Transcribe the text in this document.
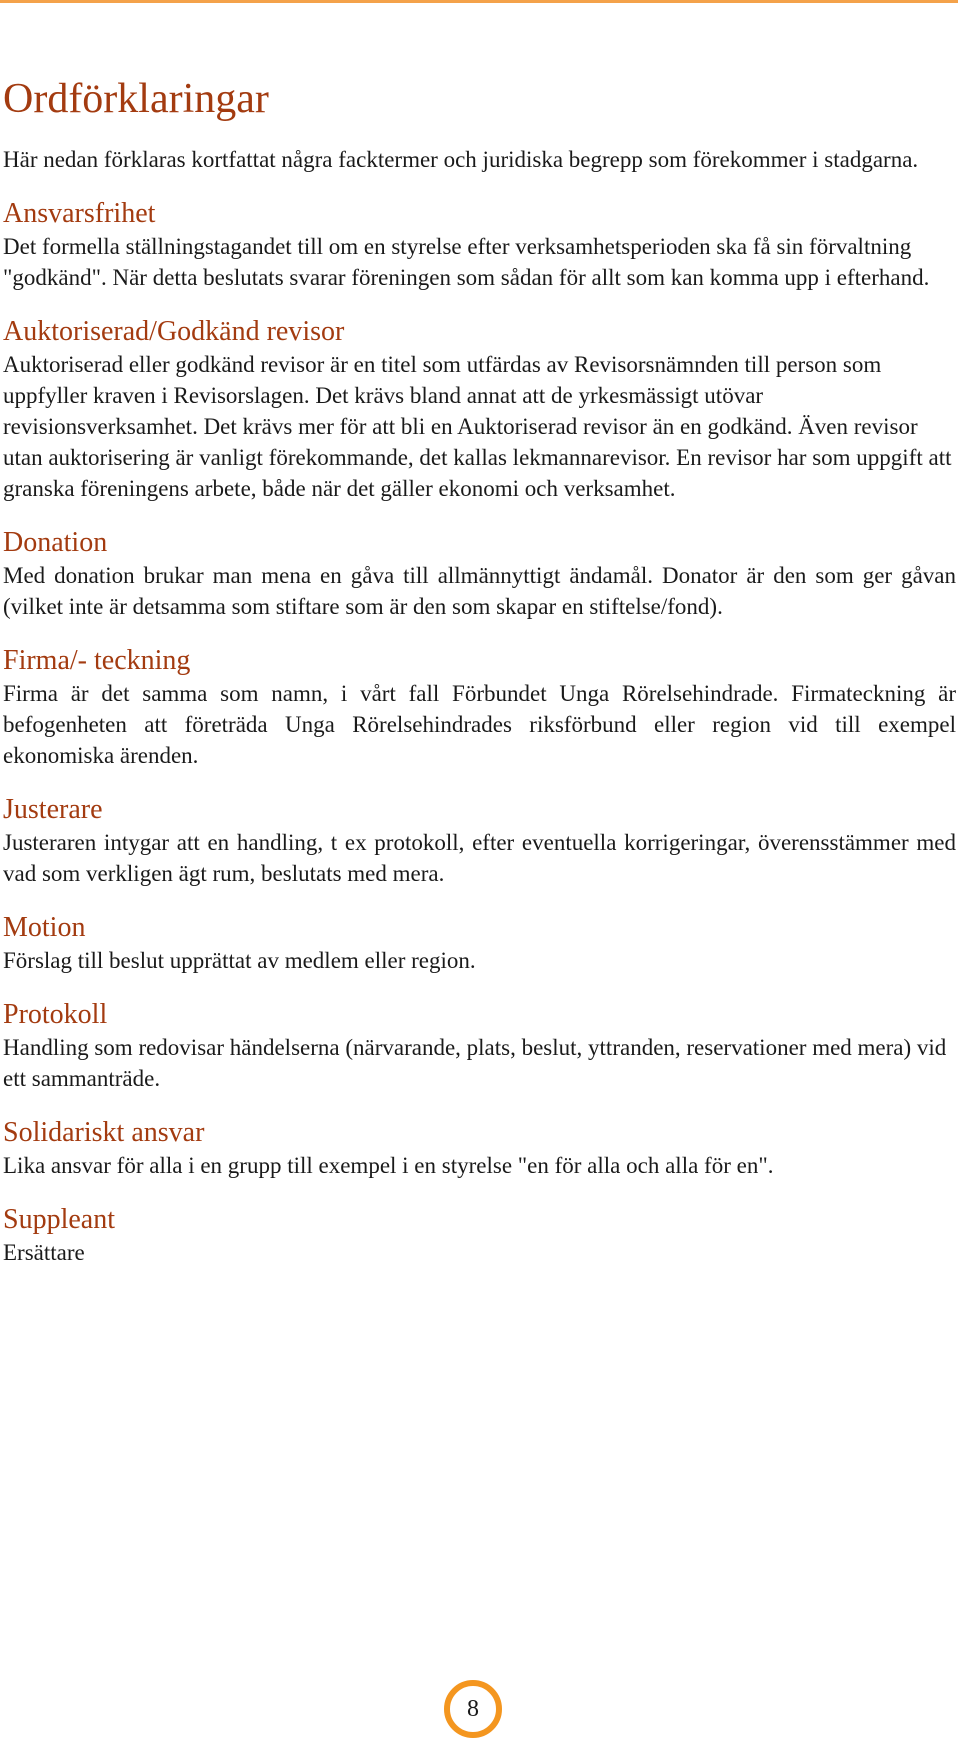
Ordförklaringar

Här nedan förklaras kortfattat några facktermer och juridiska begrepp som förekommer i stadgarna.

Ansvarsfrihet

Det formella ställningstagandet till om en styrelse efter verksamhetsperioden ska få sin förvaltning "godkänd". När detta beslutats svarar föreningen som sådan för allt som kan komma upp i efterhand.

Auktoriserad/Godkänd revisor

Auktoriserad eller godkänd revisor är en titel som utfärdas av Revisorsnämnden till person som uppfyller kraven i Revisorslagen. Det krävs bland annat att de yrkesmässigt utövar revisionsverksamhet. Det krävs mer för att bli en Auktoriserad revisor än en godkänd. Även revisor utan auktorisering är vanligt förekommande, det kallas lekmannarevisor. En revisor har som uppgift att granska föreningens arbete, både när det gäller ekonomi och verksamhet.

Donation

Med donation brukar man mena en gåva till allmännyttigt ändamål. Donator är den som ger gåvan (vilket inte är detsamma som stiftare som är den som skapar en stiftelse/fond).

Firma/- teckning

Firma är det samma som namn, i vårt fall Förbundet Unga Rörelsehindrade. Firmateckning är befogenheten att företräda Unga Rörelsehindrades riksförbund eller region vid till exempel ekonomiska ärenden.

Justerare

Justeraren intygar att en handling, t ex protokoll, efter eventuella korrigeringar, överensstämmer med vad som verkligen ägt rum, beslutats med mera.

Motion

Förslag till beslut upprättat av medlem eller region.

Protokoll

Handling som redovisar händelserna (närvarande, plats, beslut, yttranden, reservationer med mera) vid ett sammanträde.

Solidariskt ansvar

Lika ansvar för alla i en grupp till exempel i en styrelse "en för alla och alla för en".

Suppleant

Ersättare

8
